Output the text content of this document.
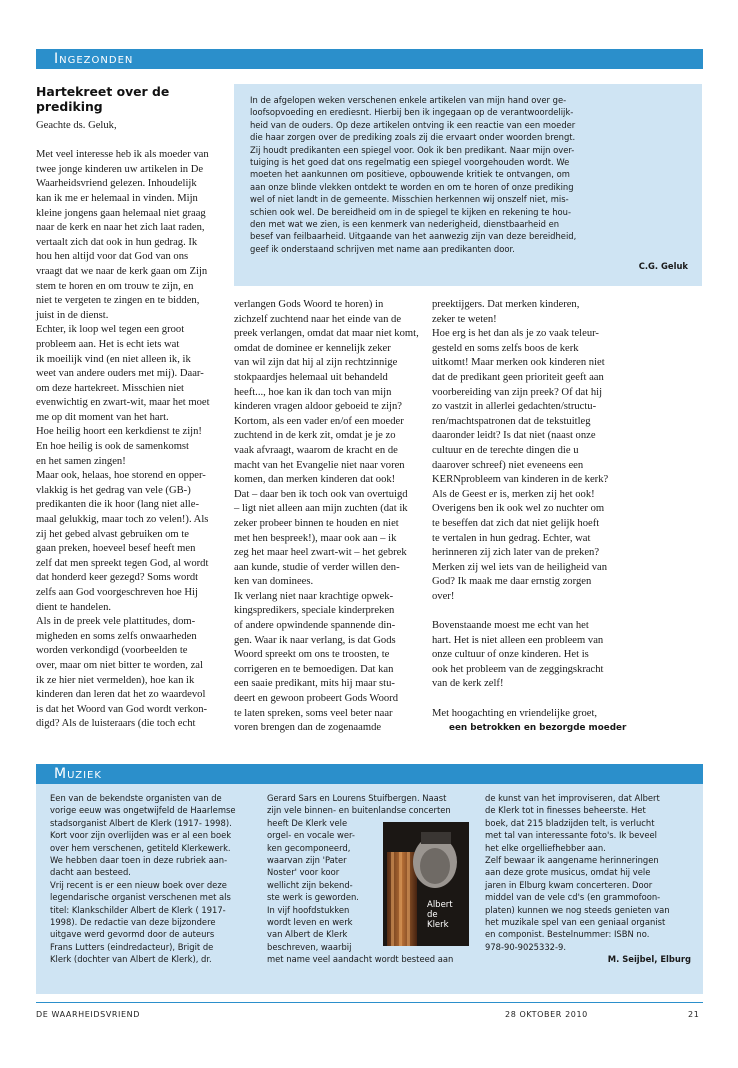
Ingezonden
Hartekreet over de prediking	In de afgelopen weken verschenen enkele artikelen van mijn hand over ge-
loofsopvoeding en erediesnt. Hierbij ben ik ingegaan op de verantwoordelijk-
heid van de ouders. Op deze artikelen ontving ik een reactie van een moeder
die haar zorgen over de prediking zoals zij die ervaart onder woorden brengt.
Zij houdt predikanten een spiegel voor. Ook ik ben predikant. Naar mijn over-
tuiging is het goed dat ons regelmatig een spiegel voorgehouden wordt. We
moeten het aankunnen om positieve, opbouwende kritiek te ontvangen, om
aan onze blinde vlekken ontdekt te worden en om te horen of onze prediking
wel of niet landt in de gemeente. Misschien herkennen wij onszelf niet, mis-
schien ook wel. De bereidheid om in de spiegel te kijken en rekening te hou-
den met wat we zien, is een kenmerk van nederigheid, dienstbaarheid en
besef van feilbaarheid. Uitgaande van het aanwezig zijn van deze bereidheid,
geef ik onderstaand schrijven met name aan predikanten door.
C.G. Geluk
Geachte ds. Geluk,
Met veel interesse heb ik als moeder van
twee jonge kinderen uw artikelen in De
Waarheidsvriend gelezen. Inhoudelijk
kan ik me er helemaal in vinden. Mijn
kleine jongens gaan helemaal niet graag
naar de kerk en naar het zich laat raden,
vertaalt zich dat ook in hun gedrag. Ik
hou hen altijd voor dat God van ons
vraagt dat we naar de kerk gaan om Zijn
stem te horen en om trouw te zijn, en
niet te vergeten te zingen en te bidden,
juist in de dienst.
Echter, ik loop wel tegen een groot
probleem aan. Het is echt iets wat
ik moeilijk vind (en niet alleen ik, ik
weet van andere ouders met mij). Daar-
om deze hartekreet. Misschien niet
evenwichtig en zwart-wit, maar het moet
me op dit moment van het hart.
Hoe heilig hoort een kerkdienst te zijn!
En hoe heilig is ook de samenkomst
en het samen zingen!
Maar ook, helaas, hoe storend en opper-
vlakkig is het gedrag van vele (GB-)
predikanten die ik hoor (lang niet alle-
maal gelukkig, maar toch zo velen!). Als
zij het gebed alvast gebruiken om te
gaan preken, hoeveel besef heeft men
zelf dat men spreekt tegen God, al wordt
dat honderd keer gezegd? Soms wordt
zelfs aan God voorgeschreven hoe Hij
dient te handelen.
Als in de preek vele plattitudes, dom-
migheden en soms zelfs onwaarheden
worden verkondigd (voorbeelden te
over, maar om niet bitter te worden, zal
ik ze hier niet vermelden), hoe kan ik
kinderen dan leren dat het zo waardevol
is dat het Woord van God wordt verkon-
digd? Als de luisteraars (die toch echt
verlangen Gods Woord te horen) in
zichzelf zuchtend naar het einde van de
preek verlangen, omdat dat maar niet komt,
omdat de dominee er kennelijk zeker
van wil zijn dat hij al zijn rechtzinnige
stokpaardjes helemaal uit behandeld
heeft..., hoe kan ik dan toch van mijn
kinderen vragen aldoor geboeid te zijn?
Kortom, als een vader en/of een moeder
zuchtend in de kerk zit, omdat je je zo
vaak afvraagt, waarom de kracht en de
macht van het Evangelie niet naar voren
komen, dan merken kinderen dat ook!
Dat – daar ben ik toch ook van overtuigd
– ligt niet alleen aan mijn zuchten (dat ik
zeker probeer binnen te houden en niet
met hen bespreek!), maar ook aan – ik
zeg het maar heel zwart-wit – het gebrek
aan kunde, studie of verder willen den-
ken van dominees.
Ik verlang niet naar krachtige opwek-
kingspredikers, speciale kinderpreken
of andere opwindende spannende din-
gen. Waar ik naar verlang, is dat Gods
Woord spreekt om ons te troosten, te
corrigeren en te bemoedigen. Dat kan
een saaie predikant, mits hij maar stu-
deert en gewoon probeert Gods Woord
te laten spreken, soms veel beter naar
voren brengen dan de zogenaamde
preektijgers. Dat merken kinderen,
zeker te weten!
Hoe erg is het dan als je zo vaak teleur-
gesteld en soms zelfs boos de kerk
uitkomt! Maar merken ook kinderen niet
dat de predikant geen prioriteit geeft aan
voorbereiding van zijn preek? Of dat hij
zo vastzit in allerlei gedachten/structu-
ren/machtspatronen dat de tekstuitleg
daaronder leidt? Is dat niet (naast onze
cultuur en de terechte dingen die u
daarover schreef) niet eveneens een
KERNprobleem van kinderen in de kerk?
Als de Geest er is, merken zij het ook!
Overigens ben ik ook wel zo nuchter om
te beseffen dat zich dat niet gelijk hoeft
te vertalen in hun gedrag. Echter, wat
herinneren zij zich later van de preken?
Merken zij wel iets van de heiligheid van
God? Ik maak me daar ernstig zorgen
over!
Bovenstaande moest me echt van het
hart. Het is niet alleen een probleem van
onze cultuur of onze kinderen. Het is
ook het probleem van de zeggingskracht
van de kerk zelf!
Met hoogachting en vriendelijke groet,
een betrokken en bezorgde moeder
Muziek
Een van de bekendste organisten van de
vorige eeuw was ongetwijfeld de Haarlemse
stadsorganist Albert de Klerk (1917- 1998).
Kort voor zijn overlijden was er al een boek
over hem verschenen, getiteld Klerkewerk.
We hebben daar toen in deze rubriek aan-
dacht aan besteed.
Vrij recent is er een nieuw boek over deze
legendarische organist verschenen met als
titel: Klankschilder Albert de Klerk ( 1917-
1998). De redactie van deze bijzondere
uitgave werd gevormd door de auteurs
Frans Lutters (eindredacteur), Brigit de
Klerk (dochter van Albert de Klerk), dr.
Gerard Sars en Lourens Stuifbergen. Naast
zijn vele binnen- en buitenlandse concerten
heeft De Klerk vele
orgel- en vocale wer-
ken gecomponeerd,
waarvan zijn 'Pater
Noster' voor koor
wellicht zijn bekend-
ste werk is geworden.
In vijf hoofdstukken
wordt leven en werk
van Albert de Klerk
beschreven, waarbij
met name veel aandacht wordt besteed aan
Albert
de
Klerk
de kunst van het improviseren, dat Albert
de Klerk tot in finesses beheerste. Het
boek, dat 215 bladzijden telt, is verlucht
met tal van interessante foto's. Ik beveel
het elke orgelliefhebber aan.
Zelf bewaar ik aangename herinneringen
aan deze grote musicus, omdat hij vele
jaren in Elburg kwam concerteren. Door
middel van de vele cd's (en grammofoon-
platen) kunnen we nog steeds genieten van
het muzikale spel van een geniaal organist
en componist. Bestelnummer: ISBN no.
978-90-9025332-9.
M. Seijbel, Elburg
DE WAARHEIDSVRIEND	28 OKTOBER 2010	21
